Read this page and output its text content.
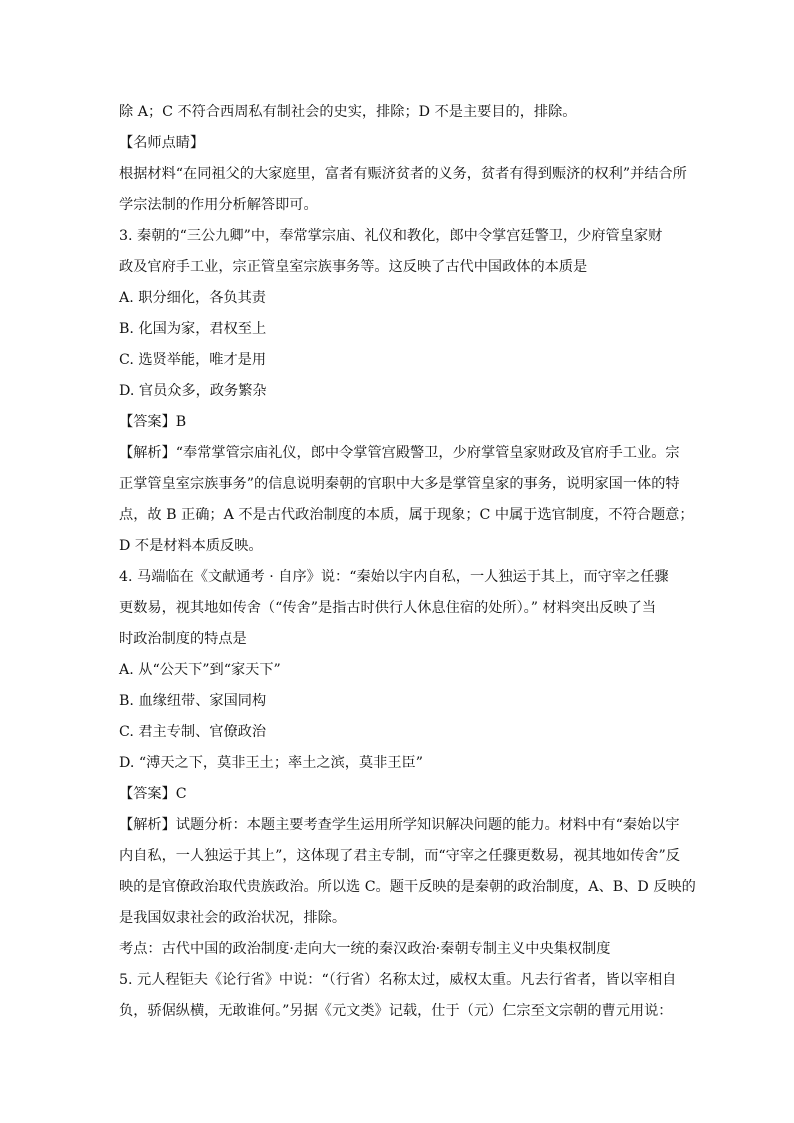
除 A；C 不符合西周私有制社会的史实，排除；D 不是主要目的，排除。
【名师点睛】
根据材料“在同祖父的大家庭里，富者有赈济贫者的义务，贫者有得到赈济的权利”并结合所
学宗法制的作用分析解答即可。
3. 秦朝的“三公九卿”中，奉常掌宗庙、礼仪和教化，郎中令掌宫廷警卫，少府管皇家财
政及官府手工业，宗正管皇室宗族事务等。这反映了古代中国政体的本质是
A. 职分细化，各负其责
B. 化国为家，君权至上
C. 选贤举能，唯才是用
D. 官员众多，政务繁杂
【答案】B
【解析】“奉常掌管宗庙礼仪，郎中令掌管宫殿警卫，少府掌管皇家财政及官府手工业。宗
正掌管皇室宗族事务”的信息说明秦朝的官职中大多是掌管皇家的事务，说明家国一体的特
点，故 B 正确；A 不是古代政治制度的本质，属于现象；C 中属于选官制度，不符合题意；
D 不是材料本质反映。
4. 马端临在《文献通考 · 自序》说：“秦始以宇内自私，一人独运于其上，而守宰之任骤
更数易，视其地如传舍（“传舍”是指古时供行人休息住宿的处所）。” 材料突出反映了当
时政治制度的特点是
A. 从“公天下”到“家天下”
B. 血缘纽带、家国同构
C. 君主专制、官僚政治
D. “溥天之下，莫非王土；率土之滨，莫非王臣”
【答案】C
【解析】试题分析：本题主要考查学生运用所学知识解决问题的能力。材料中有“秦始以宇
内自私，一人独运于其上”，这体现了君主专制，而“守宰之任骤更数易，视其地如传舍”反
映的是官僚政治取代贵族政治。所以选 C。题干反映的是秦朝的政治制度，A、B、D 反映的
是我国奴隶社会的政治状况，排除。
考点：古代中国的政治制度·走向大一统的秦汉政治·秦朝专制主义中央集权制度
5. 元人程钜夫《论行省》中说：“（行省）名称太过，威权太重。凡去行省者，皆以宰相自
负，骄倨纵横，无敢谁何。”另据《元文类》记载，仕于（元）仁宗至文宗朝的曹元用说：
